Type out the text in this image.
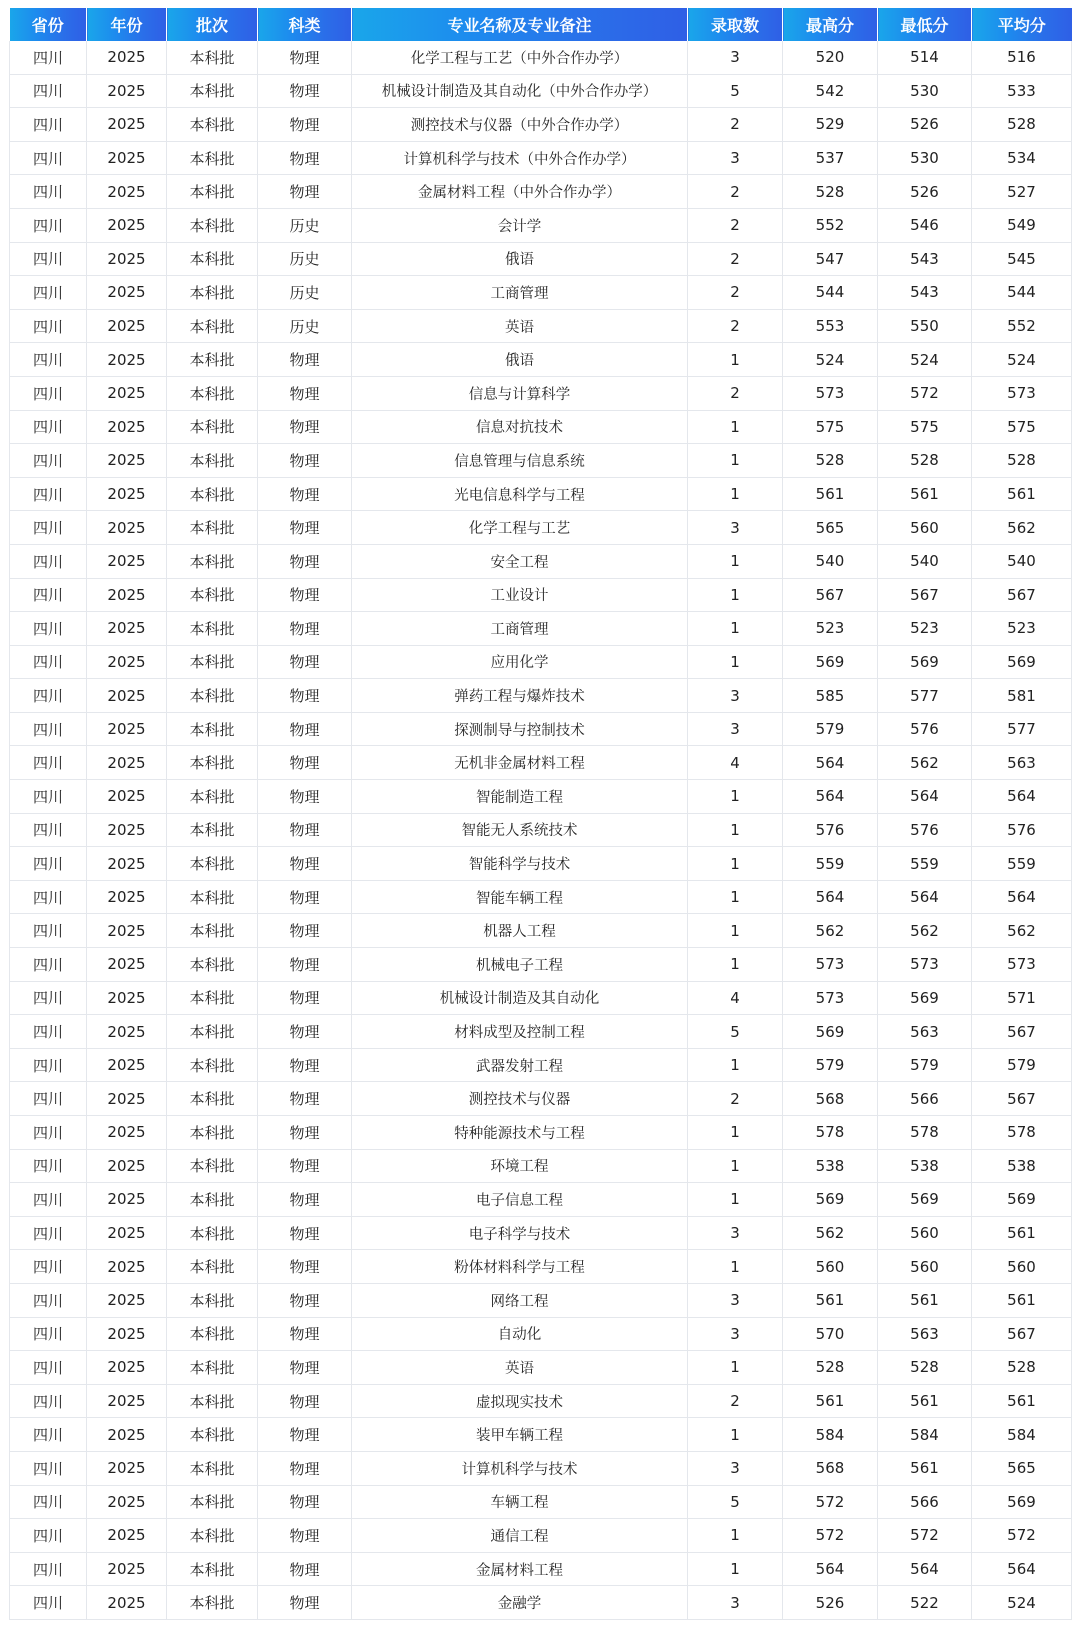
省份	年份	批次	科类	专业名称及专业备注	录取数	最高分	最低分	平均分
四川	2025	本科批	物理	化学工程与工艺（中外合作办学）	3	520	514	516
四川	2025	本科批	物理	机械设计制造及其自动化（中外合作办学）	5	542	530	533
四川	2025	本科批	物理	测控技术与仪器（中外合作办学）	2	529	526	528
四川	2025	本科批	物理	计算机科学与技术（中外合作办学）	3	537	530	534
四川	2025	本科批	物理	金属材料工程（中外合作办学）	2	528	526	527
四川	2025	本科批	历史	会计学	2	552	546	549
四川	2025	本科批	历史	俄语	2	547	543	545
四川	2025	本科批	历史	工商管理	2	544	543	544
四川	2025	本科批	历史	英语	2	553	550	552
四川	2025	本科批	物理	俄语	1	524	524	524
四川	2025	本科批	物理	信息与计算科学	2	573	572	573
四川	2025	本科批	物理	信息对抗技术	1	575	575	575
四川	2025	本科批	物理	信息管理与信息系统	1	528	528	528
四川	2025	本科批	物理	光电信息科学与工程	1	561	561	561
四川	2025	本科批	物理	化学工程与工艺	3	565	560	562
四川	2025	本科批	物理	安全工程	1	540	540	540
四川	2025	本科批	物理	工业设计	1	567	567	567
四川	2025	本科批	物理	工商管理	1	523	523	523
四川	2025	本科批	物理	应用化学	1	569	569	569
四川	2025	本科批	物理	弹药工程与爆炸技术	3	585	577	581
四川	2025	本科批	物理	探测制导与控制技术	3	579	576	577
四川	2025	本科批	物理	无机非金属材料工程	4	564	562	563
四川	2025	本科批	物理	智能制造工程	1	564	564	564
四川	2025	本科批	物理	智能无人系统技术	1	576	576	576
四川	2025	本科批	物理	智能科学与技术	1	559	559	559
四川	2025	本科批	物理	智能车辆工程	1	564	564	564
四川	2025	本科批	物理	机器人工程	1	562	562	562
四川	2025	本科批	物理	机械电子工程	1	573	573	573
四川	2025	本科批	物理	机械设计制造及其自动化	4	573	569	571
四川	2025	本科批	物理	材料成型及控制工程	5	569	563	567
四川	2025	本科批	物理	武器发射工程	1	579	579	579
四川	2025	本科批	物理	测控技术与仪器	2	568	566	567
四川	2025	本科批	物理	特种能源技术与工程	1	578	578	578
四川	2025	本科批	物理	环境工程	1	538	538	538
四川	2025	本科批	物理	电子信息工程	1	569	569	569
四川	2025	本科批	物理	电子科学与技术	3	562	560	561
四川	2025	本科批	物理	粉体材料科学与工程	1	560	560	560
四川	2025	本科批	物理	网络工程	3	561	561	561
四川	2025	本科批	物理	自动化	3	570	563	567
四川	2025	本科批	物理	英语	1	528	528	528
四川	2025	本科批	物理	虚拟现实技术	2	561	561	561
四川	2025	本科批	物理	装甲车辆工程	1	584	584	584
四川	2025	本科批	物理	计算机科学与技术	3	568	561	565
四川	2025	本科批	物理	车辆工程	5	572	566	569
四川	2025	本科批	物理	通信工程	1	572	572	572
四川	2025	本科批	物理	金属材料工程	1	564	564	564
四川	2025	本科批	物理	金融学	3	526	522	524
